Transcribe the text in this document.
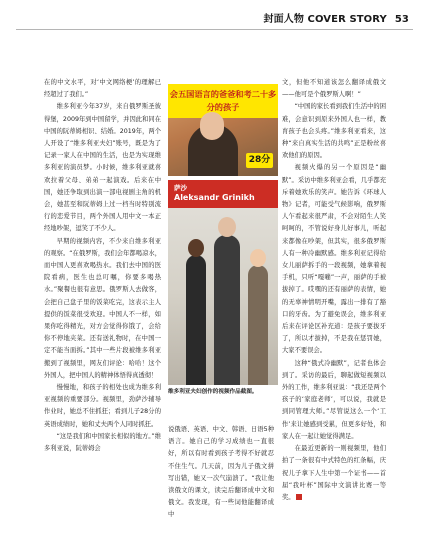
封面人物 COVER STORY 53

在的中文水平，对‘中文网络梗’的理解已经超过了我们。”

维多利亚今年37岁，来自俄罗斯圣彼得堡，2009年到中国留学，并因此和同在中国的阮蒂姆相识、结婚。2019年，两个人开设了“维多利亚夫妇”账号，既是为了记录一家人在中国的生活，也是为实现维多利亚的演员梦。小时候，维多利亚就喜欢拉着父母、弟弟一起演戏。后来在中国，她还争取到出演一部电视剧主角的机会，她甚至和阮蒂姆上过一档当时特别流行的恋爱节目，两个外国人用中文一本正经地吵架，逗笑了不少人。

早期的视频内容，不少来自维多利亚的观察。“在俄罗斯，我们会年都喝凉水，而中国人更喜欢喝热水。我们去中国的医院看病，医生也总叮嘱，你要多喝热水。”聚餐也很有意思。俄罗斯人去做客，会把自己盘子里的饭菜吃完，这表示主人提供的饭菜很受欢迎。中国人不一样，如果你吃得精光，对方会觉得你饿了，会给你不停地夹菜。还有送礼物时，在中国一定不能当面拆。”其中一些片段被维多利亚搬到了视频里，网友们评论：哈哈！这个外国人，把中国人的精神体悟得真透彻！

慢慢地，和孩子的相处也成为维多利亚视频的重要部分。视频里，劲萨沙辅导作业时，她总不住抓狂；看到儿子28分的英语成绩时，她和丈夫两个人同时抓狂。

“这是我们和中国家长相似的地方。”维多利亚说，阮蒂姆会

会五国语言的爸爸和考二十多分的孩子
28分
萨沙
Aleksandr Grinikh
维多利亚夫妇创作的视频作品截图。

说俄语、英语、中文、韩语、日语5种语言。她自己的学习成绩也一直很好，所以有时看到孩子考得不好就忍不住生气。几天前，因为儿子俄文拼写出错，她又一次气崩溃了。“我让他读俄文的课文，读完后翻译成中文和俄文。我发现，有一些词他能翻译成中

文，但他不知道该怎么翻译成俄文——他可是个俄罗斯人啊！”

“中国的家长看到我们生活中的困难，会意识到原来外国人也一样，教育孩子也会头疼。”维多利亚看来，这种“来自真实生活的共鸣”正是粉丝喜欢他们的原因。

视频火爆的另一个原因是“幽默”。采访中维多利亚会看，几乎都充斥着她欢乐的笑声。她告诉《环球人物》记者，可能受气候影响，俄罗斯人乍看起来很严肃，不会对陌生人笑呵呵的，不管说好身儿好事儿，听起来都像在吵架，但其实，很多俄罗斯人有一种冷幽默感。维多利亚记得给女儿丽萨拆手的一段视频，她拿着视手机，只听“嘎嘣”一声，丽萨的手被拔掉了。哎嘿的还有丽萨的表情，她的无辜神情明开嘴，露出一排有了豁口的牙齿。为了避免误会，维多利亚后来在评论区补充道：是孩子要拔牙了，所以才拔掉，不是我在惩罚她，大家不要误会。

这种“俄式冷幽默”，记者也体会到了。采访的最后，聊起做短视频以外的工作，维多利亚说：“我还是两个孩子的‘家庭老师’，可以说，我就是到同管理大师。”尽管说这么一个‘工作’来让她感到受累，但更多好处，和家人在一起让她觉得满足。

在最近更新的一则视频里，他们拍了一条很有中式特色的红条幅，庆祝儿子拿下人生中第一个证书——首届“我叶杯”国际中文演讲比赛一等奖。
